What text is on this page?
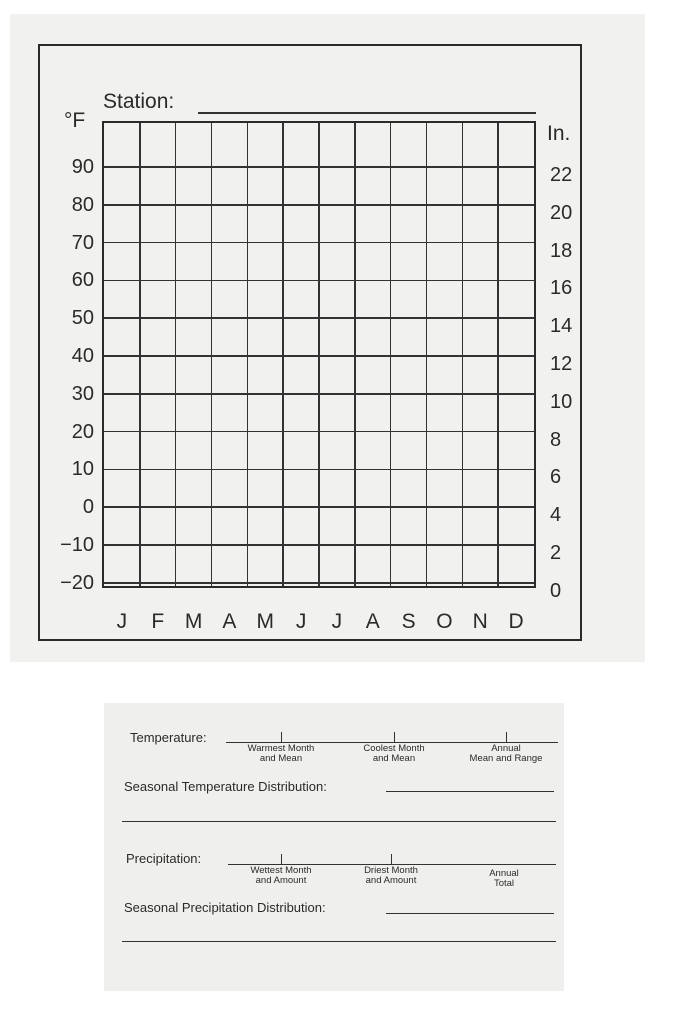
Station:
°F
In.
90
80
70
60
50
40
30
20
10
0
−10
−20
22
20
18
16
14
12
10
8
6
4
2
0
J	F M A M	J	J	A	S O N D
Temperature:
Warmest Month
and Mean
Coolest Month
and Mean
Annual
Mean and Range
Seasonal Temperature Distribution:
Precipitation:
Wettest Month
and Amount
Driest Month
and Amount
Annual
Total
Seasonal Precipitation Distribution:
